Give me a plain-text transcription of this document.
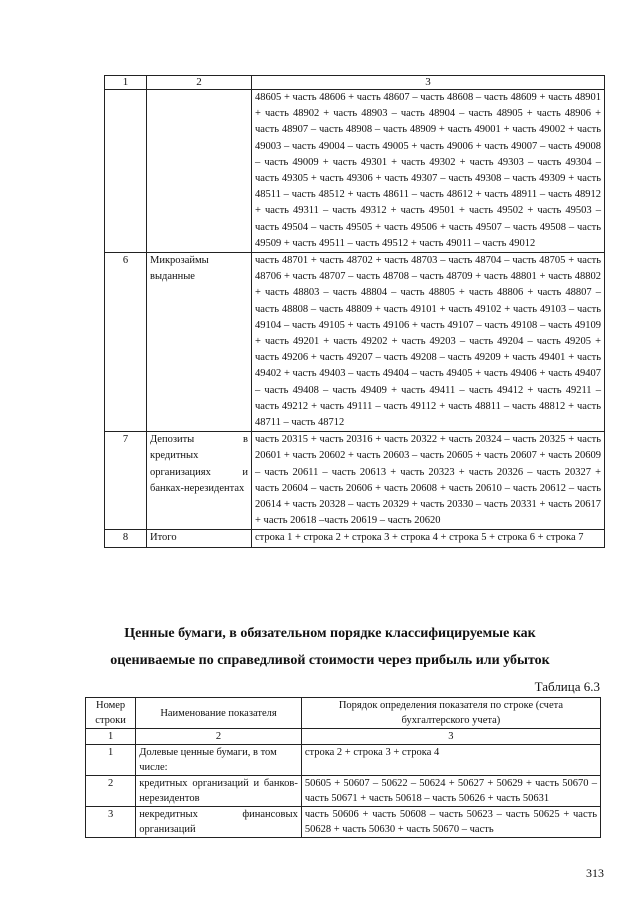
1	2	3
		48605 + часть 48606 + часть 48607 – часть 48608 – часть 48609 + часть 48901 + часть 48902 + часть 48903 – часть 48904 – часть 48905 + часть 48906 + часть 48907 – часть 48908 – часть 48909 + часть 49001 + часть 49002 + часть 49003 – часть 49004 – часть 49005 + часть 49006 + часть 49007 – часть 49008 – часть 49009 + часть 49301 + часть 49302 + часть 49303 – часть 49304 – часть 49305 + часть 49306 + часть 49307 – часть 49308 – часть 49309 + часть 48511 – часть 48512 + часть 48611 – часть 48612 + часть 48911 – часть 48912 + часть 49311 – часть 49312 + часть 49501 + часть 49502 + часть 49503 – часть 49504 – часть 49505 + часть 49506 + часть 49507 – часть 49508 – часть 49509 + часть 49511 – часть 49512 + часть 49011 – часть 49012
6	Микрозаймы выданные	часть 48701 + часть 48702 + часть 48703 – часть 48704 – часть 48705 + часть 48706 + часть 48707 – часть 48708 – часть 48709 + часть 48801 + часть 48802 + часть 48803 – часть 48804 – часть 48805 + часть 48806 + часть 48807 – часть 48808 – часть 48809 + часть 49101 + часть 49102 + часть 49103 – часть 49104 – часть 49105 + часть 49106 + часть 49107 – часть 49108 – часть 49109 + часть 49201 + часть 49202 + часть 49203 – часть 49204 – часть 49205 + часть 49206 + часть 49207 – часть 49208 – часть 49209 + часть 49401 + часть 49402 + часть 49403 – часть 49404 – часть 49405 + часть 49406 + часть 49407 – часть 49408 – часть 49409 + часть 49411 – часть 49412 + часть 49211 – часть 49212 + часть 49111 – часть 49112 + часть 48811 – часть 48812 + часть 48711 – часть 48712
7	Депозиты в кредитных организациях и банках-нерезидентах	часть 20315 + часть 20316 + часть 20322 + часть 20324 – часть 20325 + часть 20601 + часть 20602 + часть 20603 – часть 20605 + часть 20607 + часть 20609 – часть 20611 – часть 20613 + часть 20323 + часть 20326 – часть 20327 + часть 20604 – часть 20606 + часть 20608 + часть 20610 – часть 20612 – часть 20614 + часть 20328 – часть 20329 + часть 20330 – часть 20331 + часть 20617 + часть 20618 –часть 20619 – часть 20620
8	Итого	строка 1 + строка 2 + строка 3 + строка 4 + строка 5 + строка 6 + строка 7
Ценные бумаги, в обязательном порядке классифицируемые как
оцениваемые по справедливой стоимости через прибыль или убыток
Таблица 6.3
Номер строки	Наименование показателя	Порядок определения показателя по строке (счета бухгалтерского учета)
1	2	3
1	Долевые ценные бумаги, в том числе:	строка 2 + строка 3 + строка 4
2	кредитных организаций и банков-нерезидентов	50605 + 50607 – 50622 – 50624 + 50627 + 50629 + часть 50670 – часть 50671 + часть 50618 – часть 50626 + часть 50631
3	некредитных финансовых организаций	часть 50606 + часть 50608 – часть 50623 – часть 50625 + часть 50628 + часть 50630 + часть 50670 – часть
313
